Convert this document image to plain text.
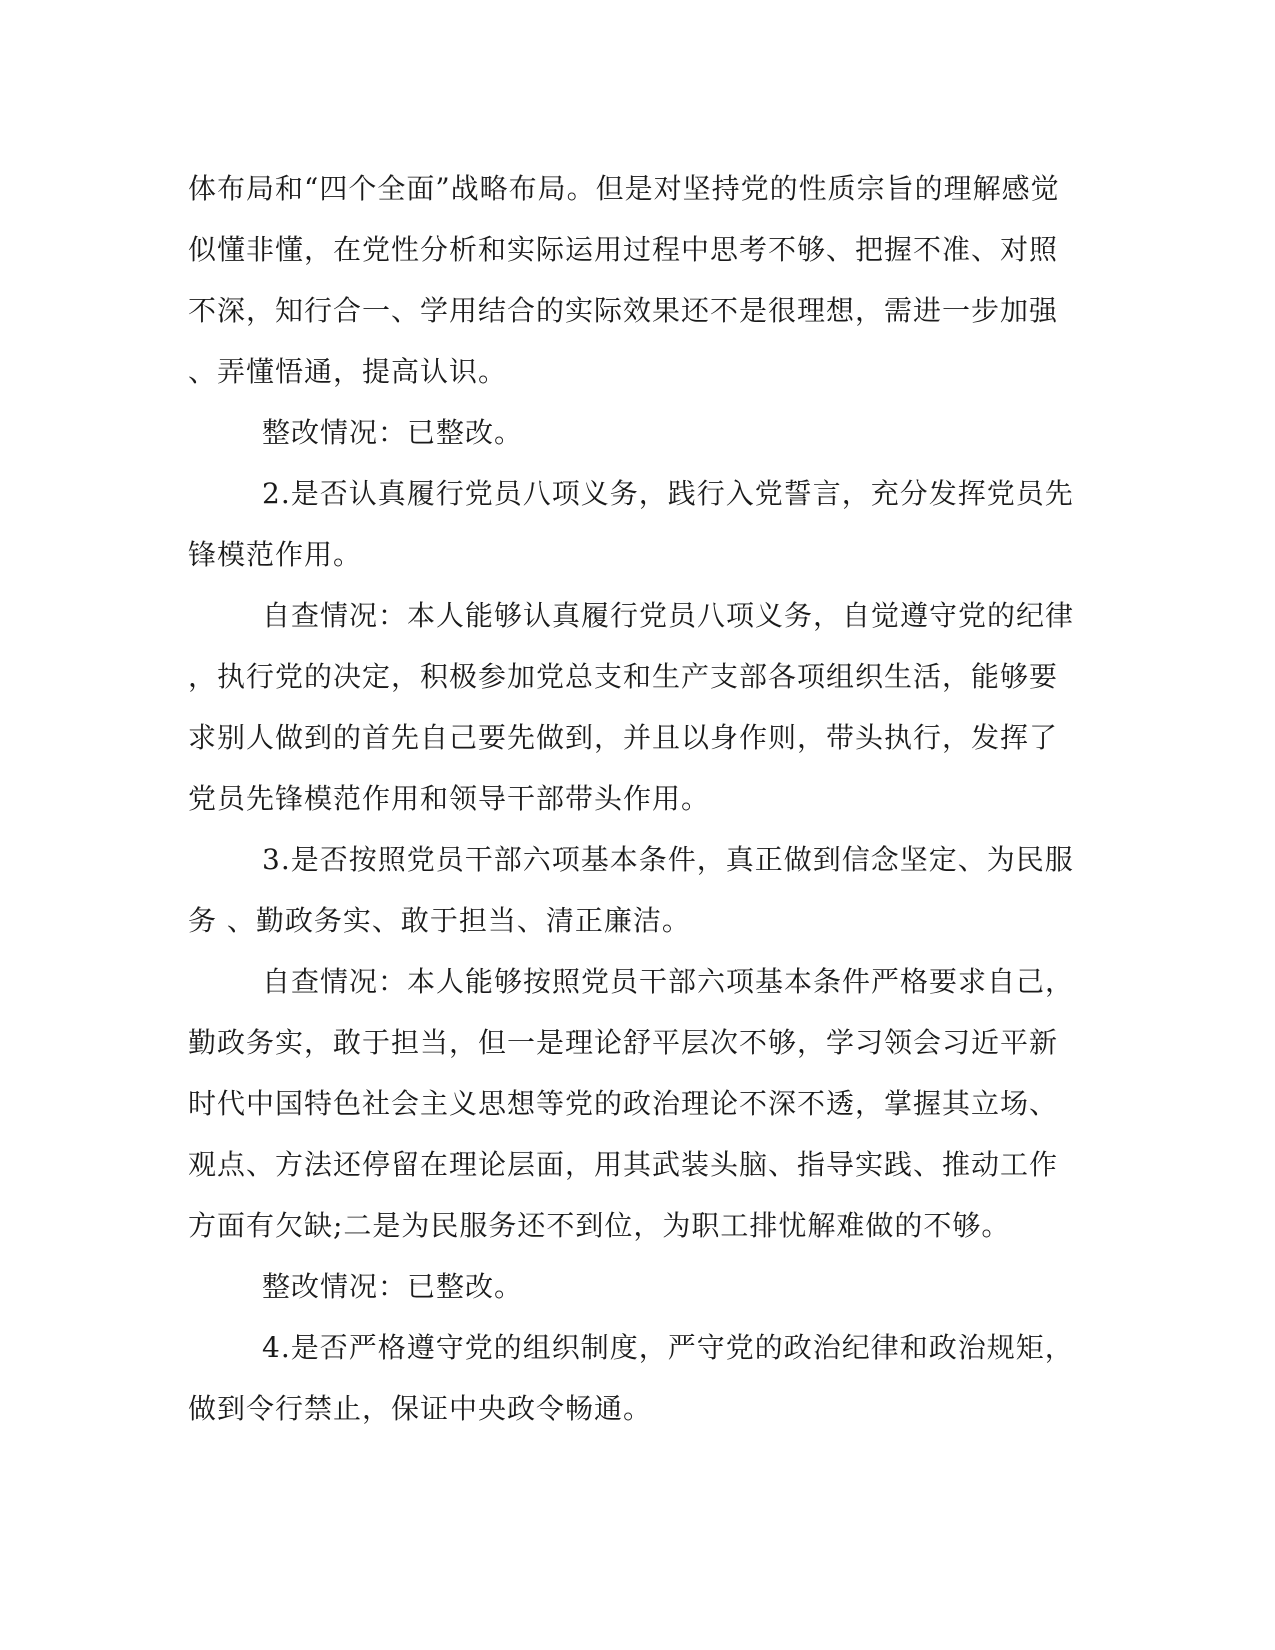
体布局和“四个全面”战略布局。但是对坚持党的性质宗旨的理解感觉
似懂非懂，在党性分析和实际运用过程中思考不够、把握不准、对照
不深，知行合一、学用结合的实际效果还不是很理想，需进一步加强
、弄懂悟通，提高认识。
整改情况：已整改。
2.是否认真履行党员八项义务，践行入党誓言，充分发挥党员先
锋模范作用。
自查情况：本人能够认真履行党员八项义务，自觉遵守党的纪律
，执行党的决定，积极参加党总支和生产支部各项组织生活，能够要
求别人做到的首先自己要先做到，并且以身作则，带头执行，发挥了
党员先锋模范作用和领导干部带头作用。
3.是否按照党员干部六项基本条件，真正做到信念坚定、为民服
务 、勤政务实、敢于担当、清正廉洁。
自查情况：本人能够按照党员干部六项基本条件严格要求自己，
勤政务实，敢于担当，但一是理论舒平层次不够，学习领会习近平新
时代中国特色社会主义思想等党的政治理论不深不透，掌握其立场、
观点、方法还停留在理论层面，用其武装头脑、指导实践、推动工作
方面有欠缺;二是为民服务还不到位，为职工排忧解难做的不够。
整改情况：已整改。
4.是否严格遵守党的组织制度，严守党的政治纪律和政治规矩，
做到令行禁止，保证中央政令畅通。
